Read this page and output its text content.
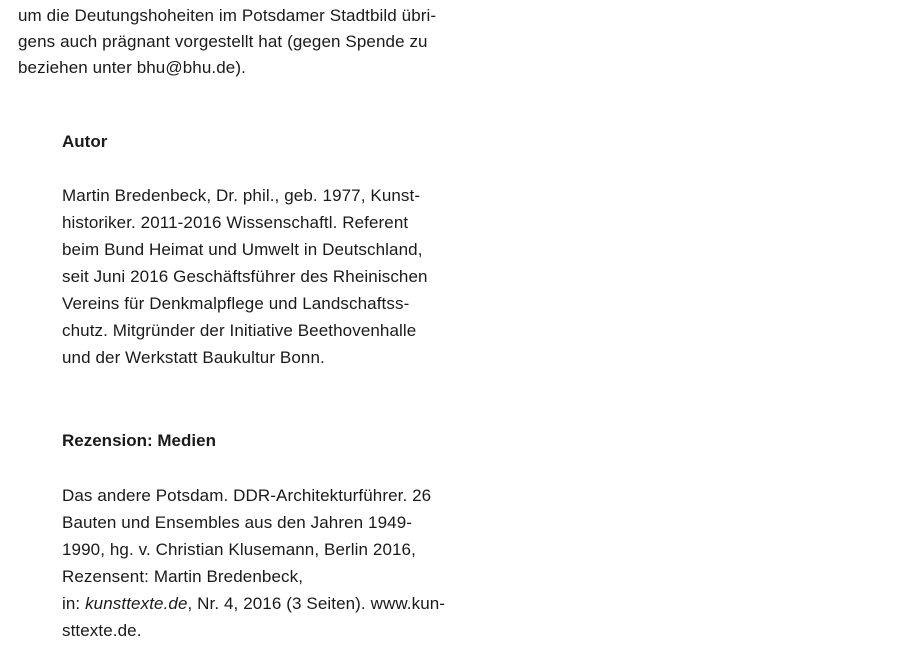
um die Deutungshoheiten im Potsdamer Stadtbild übri-
gens auch prägnant vorgestellt hat (gegen Spende zu
beziehen unter bhu@bhu.de).
Autor
Martin Bredenbeck, Dr. phil., geb. 1977, Kunst-
historiker. 2011-2016 Wissenschaftl. Referent
beim Bund Heimat und Umwelt in Deutschland,
seit Juni 2016 Geschäftsführer des Rheinischen
Vereins für Denkmalpflege und Landschaftss-
chutz. Mitgründer der Initiative Beethovenhalle
und der Werkstatt Baukultur Bonn.
Rezension: Medien
Das andere Potsdam. DDR-Architekturführer. 26
Bauten und Ensembles aus den Jahren 1949-
1990, hg. v. Christian Klusemann, Berlin 2016,
Rezensent: Martin Bredenbeck,
in: kunsttexte.de, Nr. 4, 2016 (3 Seiten). www.kun-
sttexte.de.
